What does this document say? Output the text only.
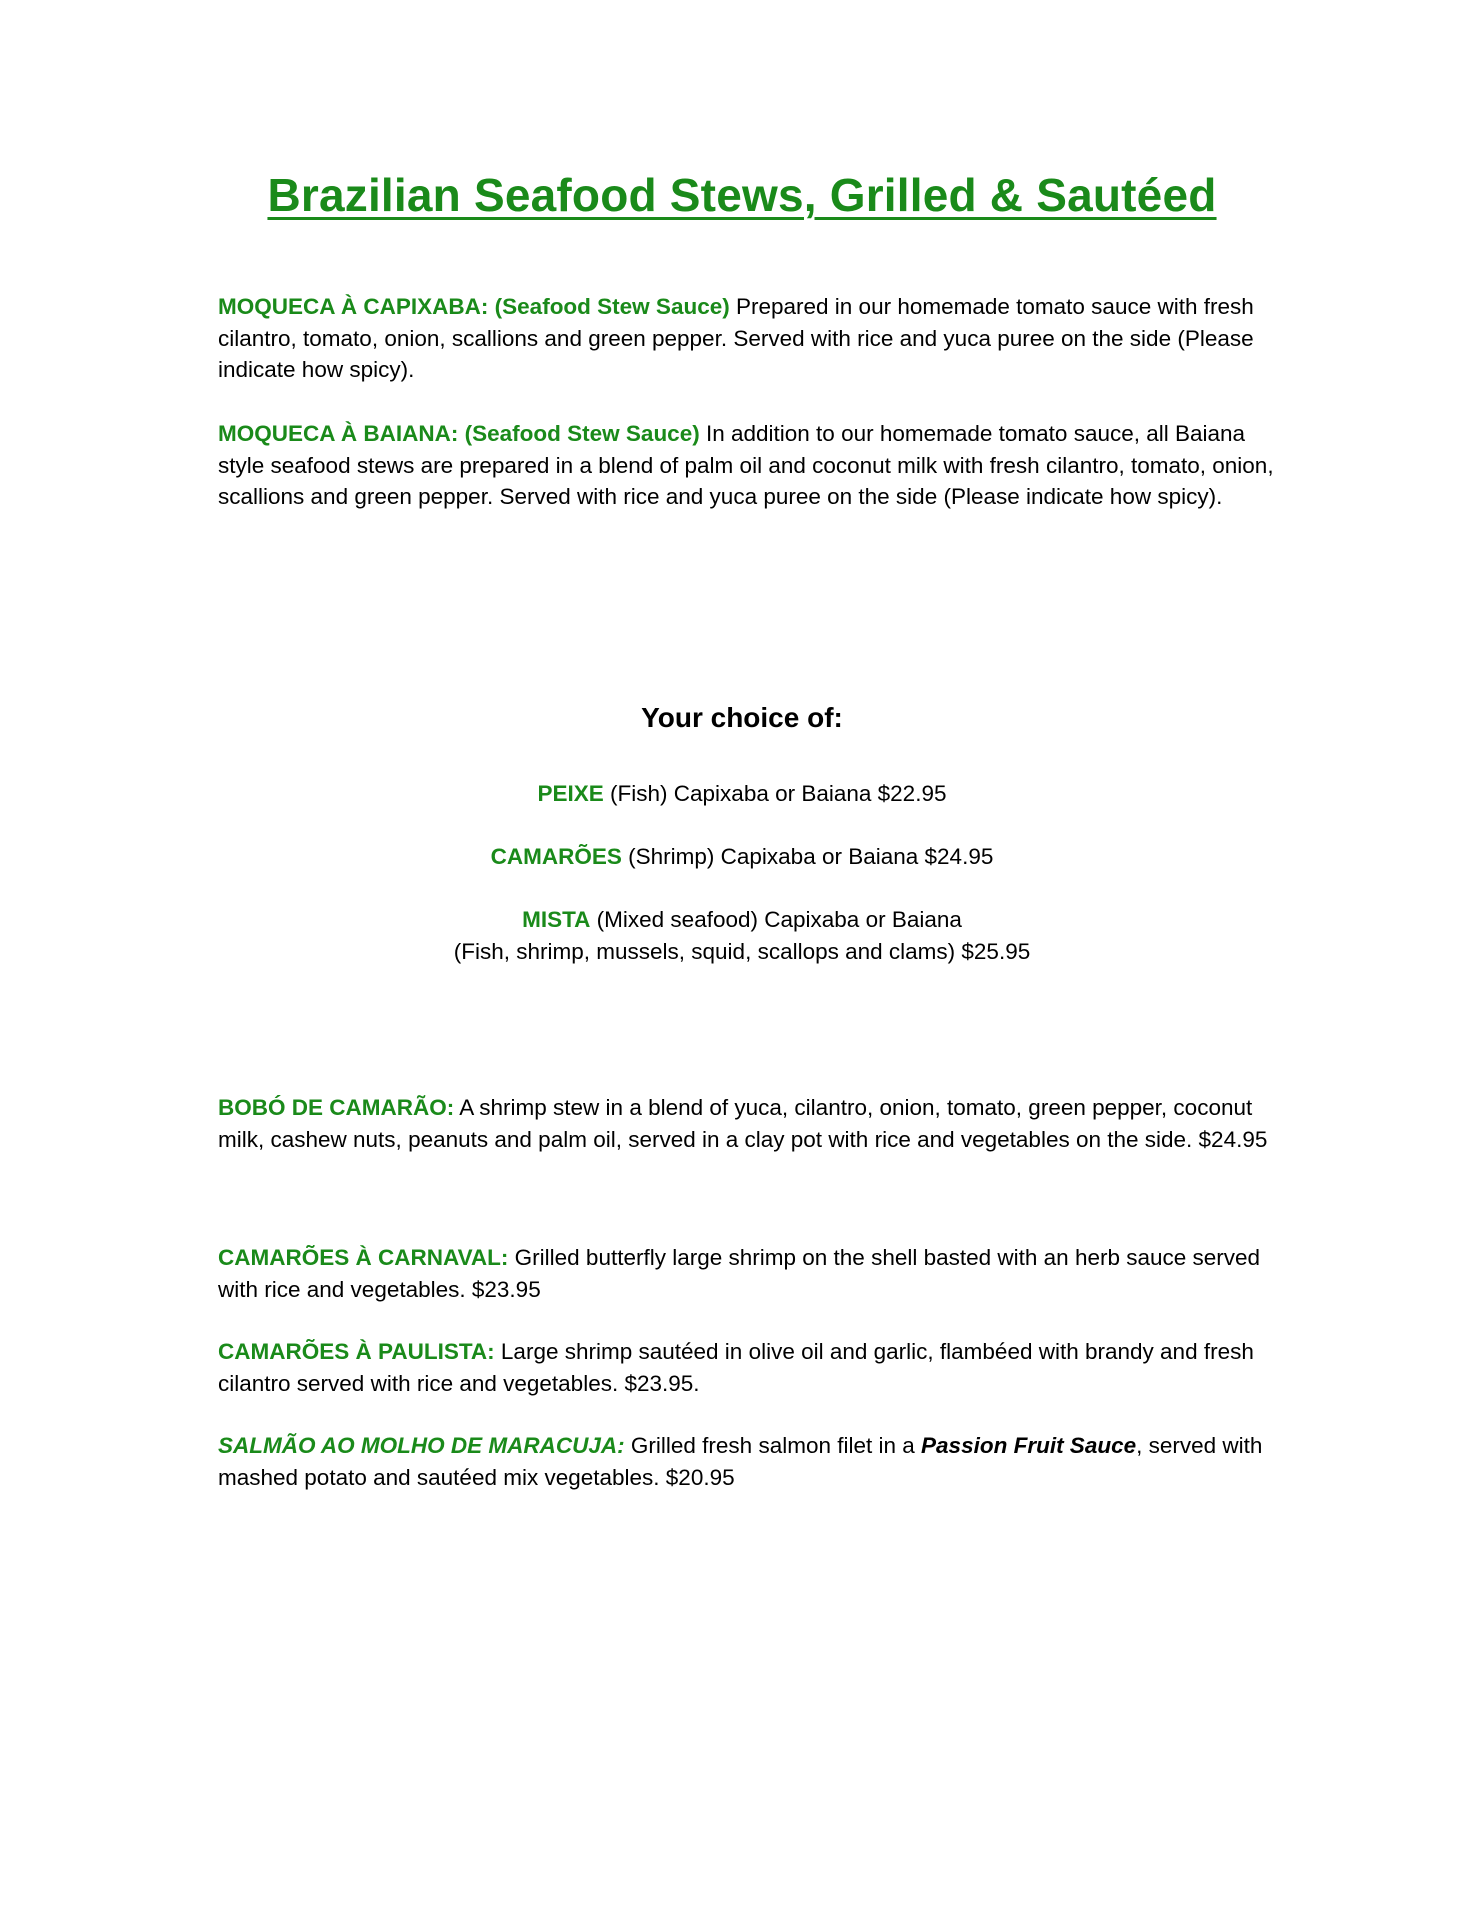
Brazilian Seafood Stews, Grilled & Sautéed

MOQUECA À CAPIXABA: (Seafood Stew Sauce) Prepared in our homemade tomato sauce with fresh cilantro, tomato, onion, scallions and green pepper. Served with rice and yuca puree on the side (Please indicate how spicy).

MOQUECA À BAIANA: (Seafood Stew Sauce) In addition to our homemade tomato sauce, all Baiana style seafood stews are prepared in a blend of palm oil and coconut milk with fresh cilantro, tomato, onion, scallions and green pepper. Served with rice and yuca puree on the side (Please indicate how spicy).

Your choice of:

PEIXE (Fish) Capixaba or Baiana $22.95

CAMARÕES (Shrimp) Capixaba or Baiana $24.95

MISTA (Mixed seafood) Capixaba or Baiana
(Fish, shrimp, mussels, squid, scallops and clams) $25.95

BOBÓ DE CAMARÃO: A shrimp stew in a blend of yuca, cilantro, onion, tomato, green pepper, coconut milk, cashew nuts, peanuts and palm oil, served in a clay pot with rice and vegetables on the side. $24.95

CAMARÕES À CARNAVAL: Grilled butterfly large shrimp on the shell basted with an herb sauce served with rice and vegetables. $23.95

CAMARÕES À PAULISTA: Large shrimp sautéed in olive oil and garlic, flambéed with brandy and fresh cilantro served with rice and vegetables. $23.95.

SALMÃO AO MOLHO DE MARACUJA: Grilled fresh salmon filet in a Passion Fruit Sauce, served with mashed potato and sautéed mix vegetables. $20.95
